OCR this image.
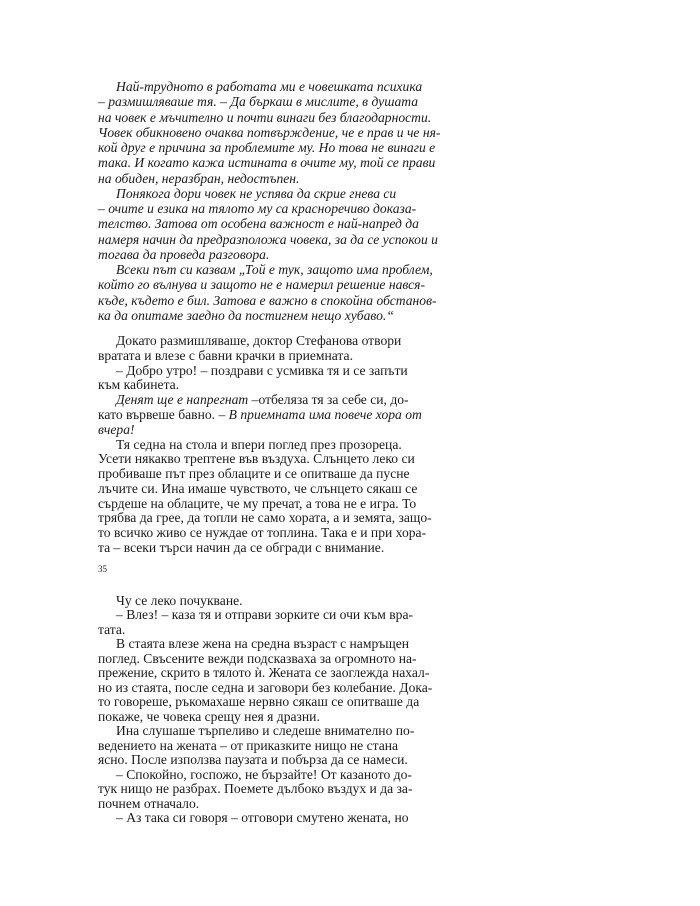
Най-трудното в работата ми е човешката психика
– размишляваше тя. – Да бъркаш в мислите, в душата
на човек е мъчително и почти винаги без благодарности.
Човек обикновено очаква потвърждение, че е прав и че ня-
кой друг е причина за проблемите му. Но това не винаги е
така. И когато кажа истината в очите му, той се прави
на обиден, неразбран, недостъпен.
Понякога дори човек не успява да скрие гнева си
– очите и езика на тялото му са красноречиво доказа-
телство. Затова от особена важност е най-напред да
намеря начин да предразположа човека, за да се успокои и
тогава да проведа разговора.
Всеки път си казвам „Той е тук, защото има проблем,
който го вълнува и защото не е намерил решение нався-
къде, където е бил. Затова е важно в спокойна обстанов-
ка да опитаме заедно да постигнем нещо хубаво.“
Докато размишляваше, доктор Стефанова отвори
вратата и влезе с бавни крачки в приемната.
– Добро утро! – поздрави с усмивка тя и се запъти
към кабинета.
Денят ще е напрегнат –отбеляза тя за себе си, до-
като вървеше бавно. – В приемната има повече хора от
вчера!
Тя седна на стола и впери поглед през прозореца.
Усети някакво трептене във въздуха. Слънцето леко си
пробиваше път през облаците и се опитваше да пусне
лъчите си. Ина имаше чувството, че слънцето сякаш се
сърдеше на облаците, че му пречат, а това не е игра. То
трябва да грее, да топли не само хората, а и земята, защо-
то всичко живо се нуждае от топлина. Така е и при хора-
та – всеки търси начин да се обгради с внимание.
Чу се леко почукване.
– Влез! – каза тя и отправи зорките си очи към вра-
тата.
В стаята влезе жена на средна възраст с намръщен
поглед. Свъсените вежди подсказваха за огромното на-
прежение, скрито в тялото ѝ. Жената се заоглежда нахал-
но из стаята, после седна и заговори без колебание. Дока-
то говореше, ръкомахаше нервно сякаш се опитваше да
покаже, че човека срещу нея я дразни.
Ина слушаше търпеливо и следеше внимателно по-
ведението на жената – от приказките нищо не стана
ясно. После използва паузата и побърза да се намеси.
– Спокойно, госпожо, не бързайте! От казаното до-
тук нищо не разбрах. Поемете дълбоко въздух и да за-
почнем отначало.
– Аз така си говоря – отговори смутено жената, но
35
